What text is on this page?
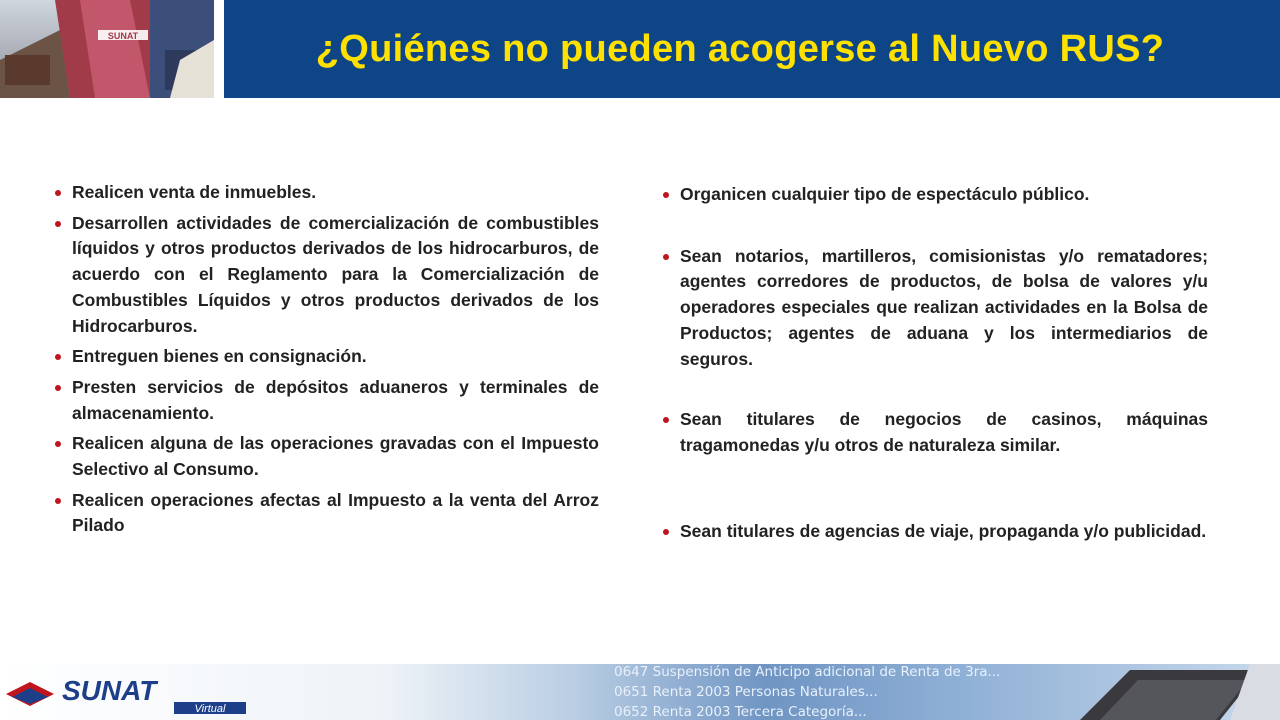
SUNAT	¿Quiénes no pueden acogerse al Nuevo RUS?
Realicen venta de inmuebles.
Desarrollen actividades de comercialización de combustibles líquidos y otros productos derivados de los hidrocarburos, de acuerdo con el Reglamento para la Comercialización de Combustibles Líquidos y otros productos derivados de los Hidrocarburos.
Entreguen bienes en consignación.
Presten servicios de depósitos aduaneros y terminales de almacenamiento.
Realicen alguna de las operaciones gravadas con el Impuesto Selectivo al Consumo.
Realicen operaciones afectas al Impuesto a la venta del Arroz Pilado
Organicen cualquier tipo de espectáculo público.
Sean notarios, martilleros, comisionistas y/o rematadores; agentes corredores de productos, de bolsa de valores y/u operadores especiales que realizan actividades en la Bolsa de Productos; agentes de aduana y los intermediarios de seguros.
Sean titulares de negocios de casinos, máquinas tragamonedas y/u otros de naturaleza similar.
Sean titulares de agencias de viaje, propaganda y/o publicidad.
SUNAT
Virtual
0647 Suspensión de Anticipo adicional de Renta de 3ra...
0651 Renta 2003 Personas Naturales...
0652 Renta 2003 Tercera Categoría...
